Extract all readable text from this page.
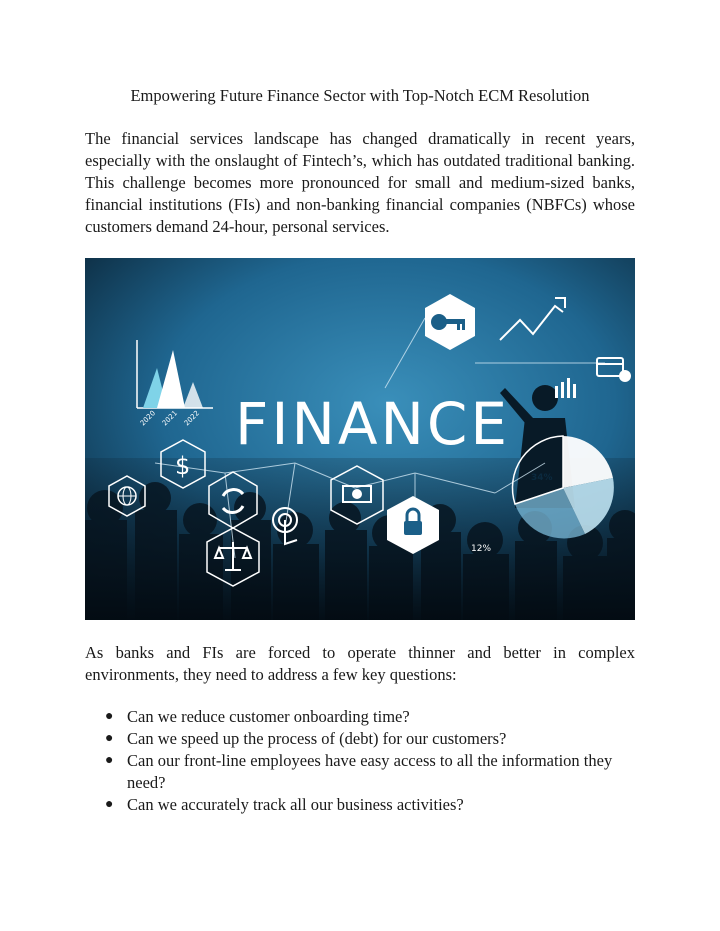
Empowering Future Finance Sector with Top-Notch ECM Resolution

The financial services landscape has changed dramatically in recent years, especially with the onslaught of Fintech’s, which has outdated traditional banking. This challenge becomes more pronounced for small and medium-sized banks, financial institutions (FIs) and non-banking financial companies (NBFCs) whose customers demand 24-hour, personal services.

2020 2021 2022 FINANCE
$	34%
12%

As banks and FIs are forced to operate thinner and better in complex environments, they need to address a few key questions:

● Can we reduce customer onboarding time?
● Can we speed up the process of (debt) for our customers?
● Can our front-line employees have easy access to all the information they need?
● Can we accurately track all our business activities?
